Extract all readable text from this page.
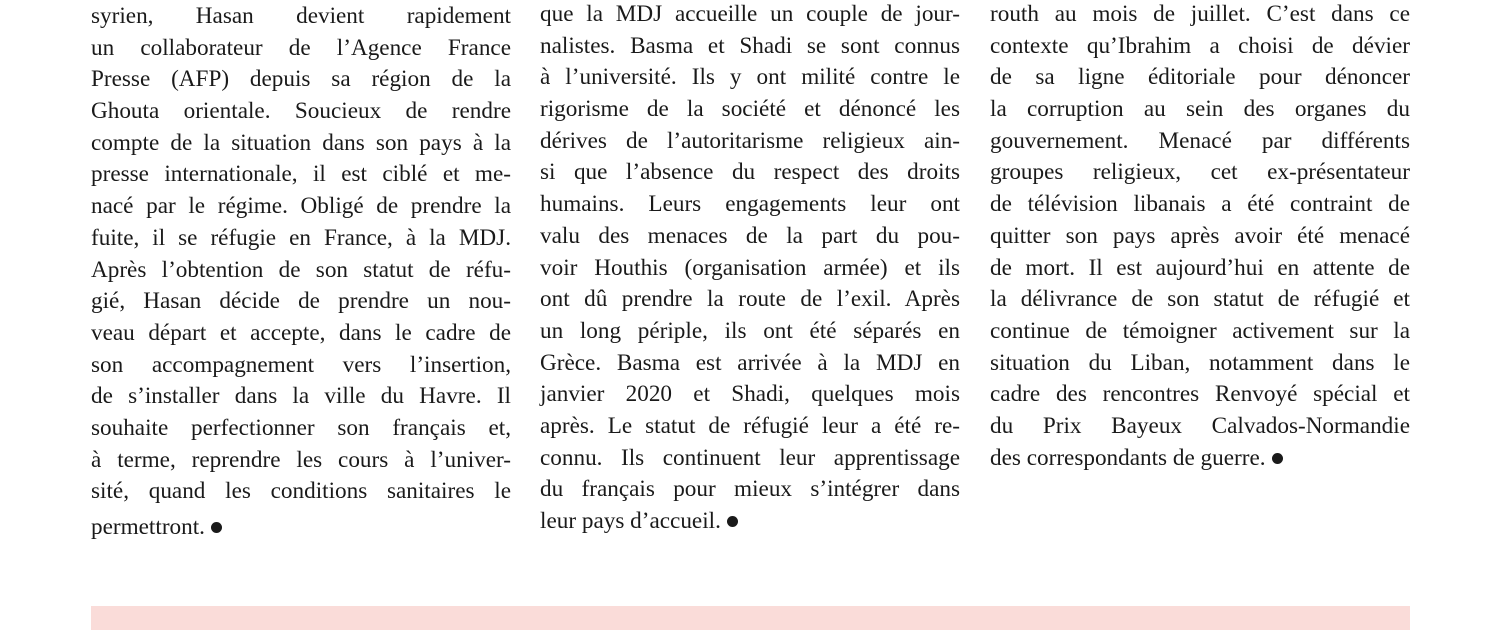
syrien, Hasan devient rapidement
un collaborateur de l’Agence France
Presse (AFP) depuis sa région de la
Ghouta orientale. Soucieux de rendre
compte de la situation dans son pays à la
presse internationale, il est ciblé et me-
nacé par le régime. Obligé de prendre la
fuite, il se réfugie en France, à la MDJ.
Après l’obtention de son statut de réfu-
gié, Hasan décide de prendre un nou-
veau départ et accepte, dans le cadre de
son accompagnement vers l’insertion,
de s’installer dans la ville du Havre. Il
souhaite perfectionner son français et,
à terme, reprendre les cours à l’univer-
sité, quand les conditions sanitaires le
permettront.
que la MDJ accueille un couple de jour-
nalistes. Basma et Shadi se sont connus
à l’université. Ils y ont milité contre le
rigorisme de la société et dénoncé les
dérives de l’autoritarisme religieux ain-
si que l’absence du respect des droits
humains. Leurs engagements leur ont
valu des menaces de la part du pou-
voir Houthis (organisation armée) et ils
ont dû prendre la route de l’exil. Après
un long périple, ils ont été séparés en
Grèce. Basma est arrivée à la MDJ en
janvier 2020 et Shadi, quelques mois
après. Le statut de réfugié leur a été re-
connu. Ils continuent leur apprentissage
du français pour mieux s’intégrer dans
leur pays d’accueil.
routh au mois de juillet. C’est dans ce
contexte qu’Ibrahim a choisi de dévier
de sa ligne éditoriale pour dénoncer
la corruption au sein des organes du
gouvernement. Menacé par différents
groupes religieux, cet ex-présentateur
de télévision libanais a été contraint de
quitter son pays après avoir été menacé
de mort. Il est aujourd’hui en attente de
la délivrance de son statut de réfugié et
continue de témoigner activement sur la
situation du Liban, notamment dans le
cadre des rencontres Renvoyé spécial et
du Prix Bayeux Calvados-Normandie
des correspondants de guerre.
